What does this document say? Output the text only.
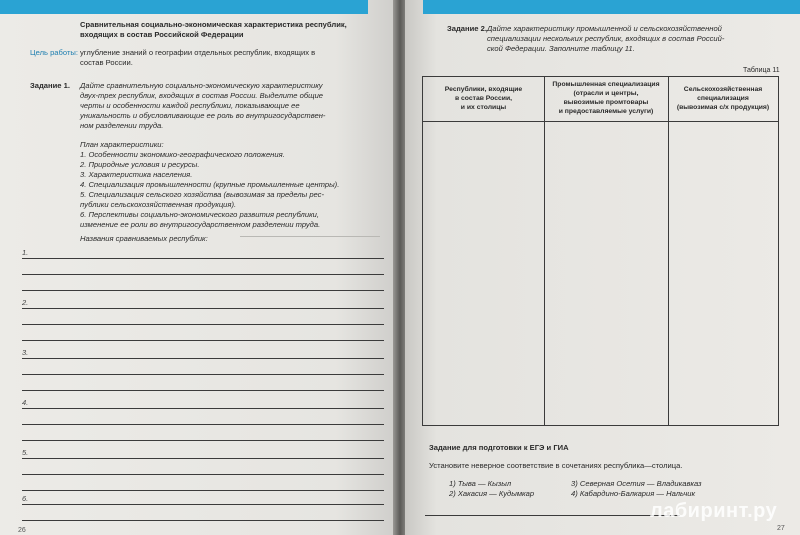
Сравнительная социально-экономическая характеристика республик,
входящих в состав Российской Федерации
Цель работы: углубление знаний о географии отдельных республик, входящих в
состав России.
Задание 1. Дайте сравнительную социально-экономическую характеристику
двух-трех республик, входящих в состав России. Выделите общие
черты и особенности каждой республики, показывающие ее
уникальность и обусловливающие ее роль во внутригосударствен-
ном разделении труда.
План характеристики:
1. Особенности экономико-географического положения.
2. Природные условия и ресурсы.
3. Характеристика населения.
4. Специализация промышленности (крупные промышленные центры).
5. Специализация сельского хозяйства (вывозимая за пределы рес-
публики сельскохозяйственная продукция).
6. Перспективы социально-экономического развития республики,
изменение ее роли во внутригосударственном разделении труда.
Названия сравниваемых республик:
1.
2.
3.
4.
5.
6.
26
Задание 2. Дайте характеристику промышленной и сельскохозяйственной
специализации нескольких республик, входящих в состав Россий-
ской Федерации. Заполните таблицу 11.
Таблица 11
Республики, входящие
в состав России,
и их столицы
Промышленная специализация
(отрасли и центры,
вывозимые промтовары
и предоставляемые услуги)
Сельскохозяйственная
специализация
(вывозимая с/х продукция)
Задание для подготовки к ЕГЭ и ГИА
Установите неверное соответствие в сочетаниях республика—столица.
1) Тыва — Кызыл
2) Хакасия — Кудымкар
3) Северная Осетия — Владикавказ
4) Кабардино-Балкария — Нальчик
лабиринт.ру
27
